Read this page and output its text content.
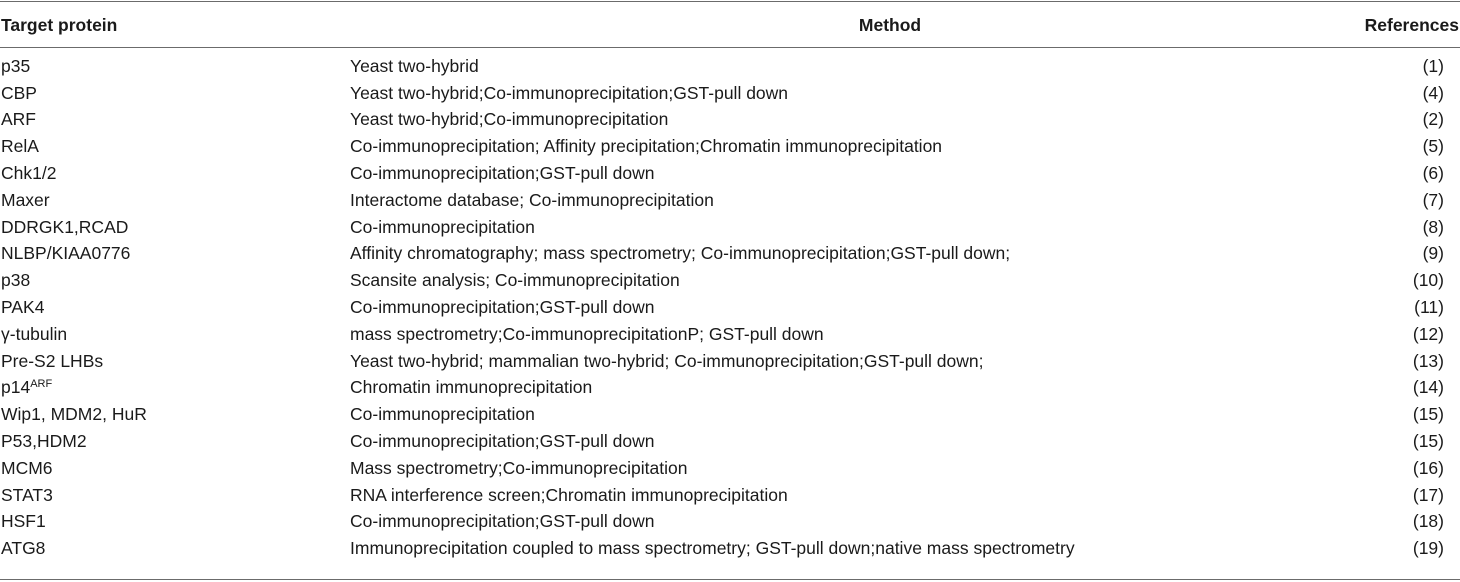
Target protein	Method	References
p35	Yeast two-hybrid	(1)
CBP	Yeast two-hybrid;Co-immunoprecipitation;GST-pull down	(4)
ARF	Yeast two-hybrid;Co-immunoprecipitation	(2)
RelA	Co-immunoprecipitation; Affinity precipitation;Chromatin immunoprecipitation	(5)
Chk1/2	Co-immunoprecipitation;GST-pull down	(6)
Maxer	Interactome database; Co-immunoprecipitation	(7)
DDRGK1,RCAD	Co-immunoprecipitation	(8)
NLBP/KIAA0776	Affinity chromatography; mass spectrometry; Co-immunoprecipitation;GST-pull down;	(9)
p38	Scansite analysis; Co-immunoprecipitation	(10)
PAK4	Co-immunoprecipitation;GST-pull down	(11)
γ-tubulin	mass spectrometry;Co-immunoprecipitationP; GST-pull down	(12)
Pre-S2 LHBs	Yeast two-hybrid; mammalian two-hybrid; Co-immunoprecipitation;GST-pull down;	(13)
$p14^{ARF}$	Chromatin immunoprecipitation	(14)
Wip1, MDM2, HuR	Co-immunoprecipitation	(15)
P53,HDM2	Co-immunoprecipitation;GST-pull down	(15)
MCM6	Mass spectrometry;Co-immunoprecipitation	(16)
STAT3	RNA interference screen;Chromatin immunoprecipitation	(17)
HSF1	Co-immunoprecipitation;GST-pull down	(18)
ATG8	Immunoprecipitation coupled to mass spectrometry; GST-pull down;native mass spectrometry	(19)
